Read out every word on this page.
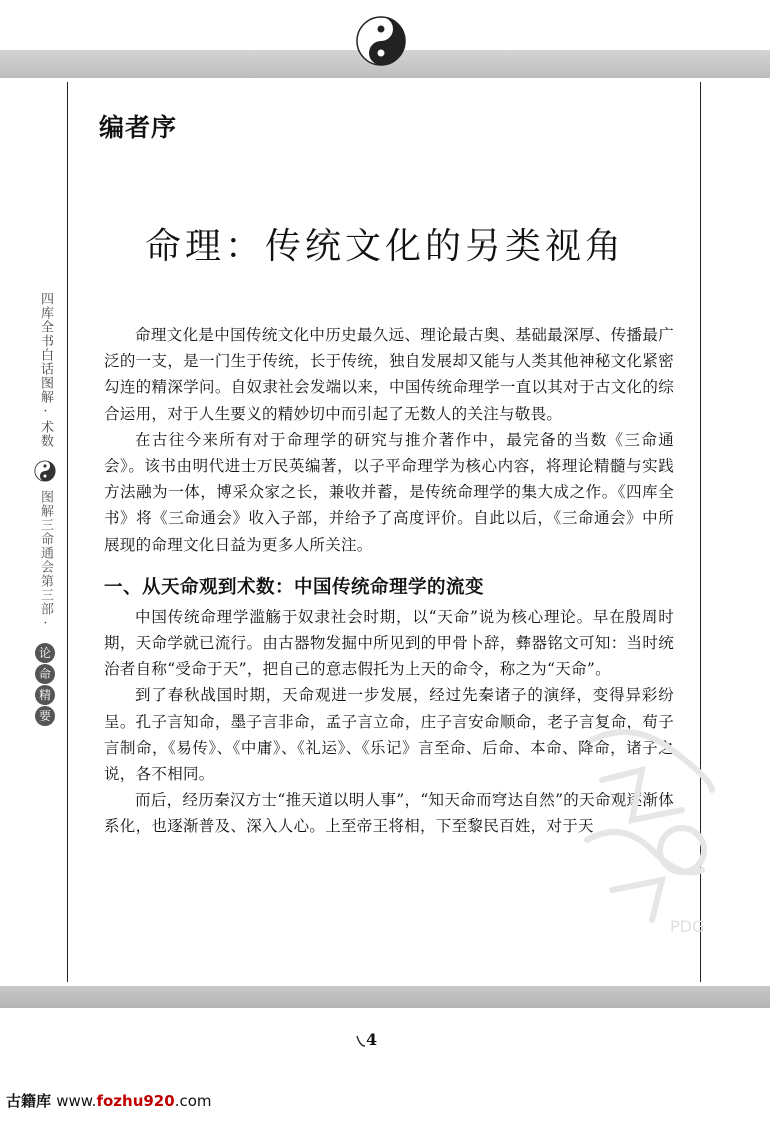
四库全书白话图解·术数
图解三命通会第三部·
论
命
精
要
编者序
命理：传统文化的另类视角

命理文化是中国传统文化中历史最久远、理论最古奥、基础最深厚、传播最广泛的一支，是一门生于传统，长于传统，独自发展却又能与人类其他神秘文化紧密勾连的精深学问。自奴隶社会发端以来，中国传统命理学一直以其对于古文化的综合运用，对于人生要义的精妙切中而引起了无数人的关注与敬畏。

在古往今来所有对于命理学的研究与推介著作中，最完备的当数《三命通会》。该书由明代进士万民英编著，以子平命理学为核心内容，将理论精髓与实践方法融为一体，博采众家之长，兼收并蓄，是传统命理学的集大成之作。《四库全书》将《三命通会》收入子部，并给予了高度评价。自此以后，《三命通会》中所展现的命理文化日益为更多人所关注。

一、从天命观到术数：中国传统命理学的流变

中国传统命理学滥觞于奴隶社会时期，以“天命”说为核心理论。早在殷周时期，天命学就已流行。由古器物发掘中所见到的甲骨卜辞，彝器铭文可知：当时统治者自称“受命于天”，把自己的意志假托为上天的命令，称之为“天命”。

到了春秋战国时期，天命观进一步发展，经过先秦诸子的演绎，变得异彩纷呈。孔子言知命，墨子言非命，孟子言立命，庄子言安命顺命，老子言复命，荀子言制命，《易传》、《中庸》、《礼运》、《乐记》言至命、后命、本命、降命，诸子之说，各不相同。

而后，经历秦汉方士“推天道以明人事”，“知天命而穹达自然”的天命观逐渐体系化，也逐渐普及、深入人心。上至帝王将相，下至黎民百姓，对于天

PDG
4
古籍库 www.fozhu920.com
